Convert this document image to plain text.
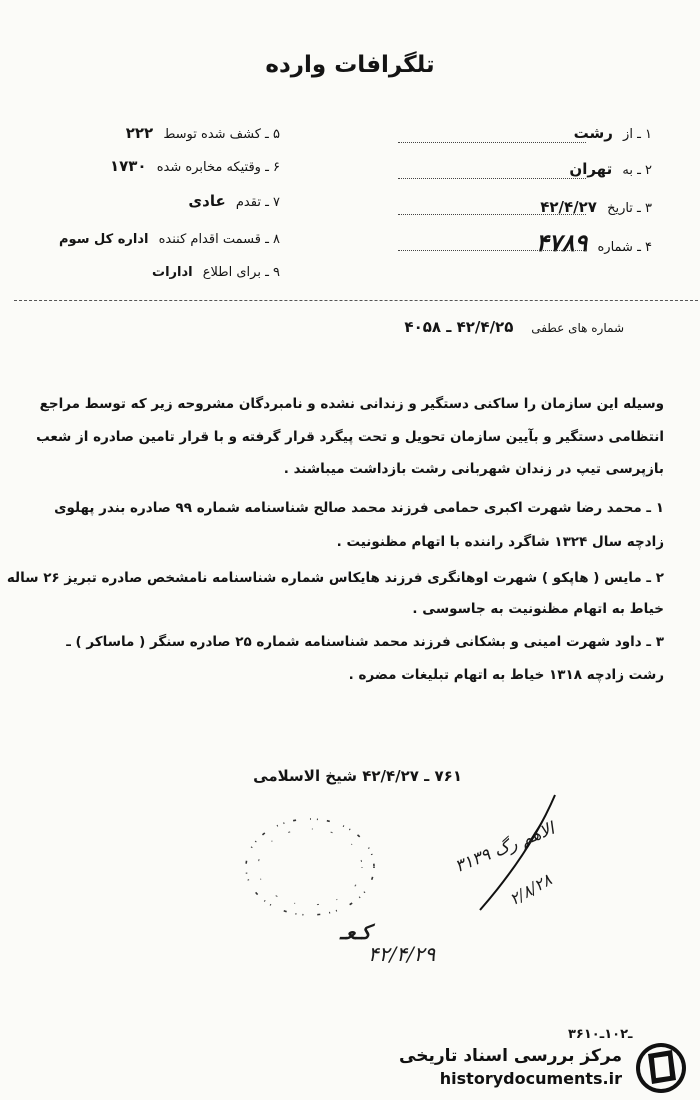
تلگرافات وارده
۱ ـ از رشت
۲ ـ به تهران
۳ ـ تاریخ ۴۲/۴/۲۷
۴ ـ شماره ۴۷۸۹
۵ ـ کشف شده توسط ۲۲۲
۶ ـ وقتیکه مخابره شده ۱۷۳۰
۷ ـ تقدم عادی
۸ ـ قسمت اقدام کننده اداره کل سوم
۹ ـ برای اطلاع ادارات
شماره های عطفی ۴۲/۴/۲۵ ـ ۴۰۵۸
وسیله این سازمان را ساکنی دستگیر و زندانی نشده و نامبردگان مشروحه زیر که توسط مراجع
انتظامی دستگیر و بآیین سازمان تحویل و تحت پیگرد قرار گرفته و با قرار تامین صادره از شعب
بازپرسی تیپ در زندان شهربانی رشت بازداشت میباشند .
۱ ـ محمد رضا شهرت اکبری حمامی فرزند محمد صالح شناسنامه شماره ۹۹ صادره بندر پهلوی
زادچه سال ۱۳۲۴ شاگرد راننده با اتهام مظنونیت .
۲ ـ مایس ( هاپکو ) شهرت اوهانگری فرزند هایکاس شماره شناسنامه نامشخص صادره تبریز ۲۶ ساله
خیاط به اتهام مظنونیت به جاسوسی .
۳ ـ داود شهرت امینی و بشکانی فرزند محمد شناسنامه شماره ۲۵ صادره سنگر ( ماساکر ) ـ
رشت زادچه ۱۳۱۸ خیاط به اتهام تبلیغات مضره .
۷۶۱ ـ ۴۲/۴/۲۷ شیخ الاسلامی
الاهم رگ ۳۱۳۹
۲/۸/۲۸
کـعـ
۴۲/۴/۲۹
۳۶ـ۱۰۲ـ۱۰
مرکز بررسی اسناد تاریخی
historydocuments.ir
